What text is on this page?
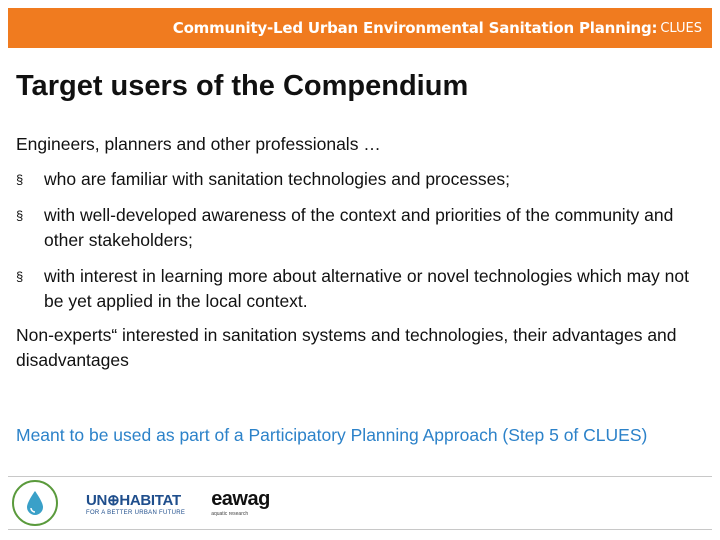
Community-Led Urban Environmental Sanitation Planning: CLUES
Target users of the Compendium

Engineers, planners and other professionals …

§ who are familiar with sanitation technologies and processes;
§ with well-developed awareness of the context and priorities of the community and other stakeholders;
§ with interest in learning more about alternative or novel technologies which may not be yet applied in the local context.

Non-experts“ interested in sanitation systems and technologies, their advantages and disadvantages

Meant to be used as part of a Participatory Planning Approach (Step 5 of CLUES)

UN⊕HABITAT
FOR A BETTER URBAN FUTURE
eawag
aquatic research
